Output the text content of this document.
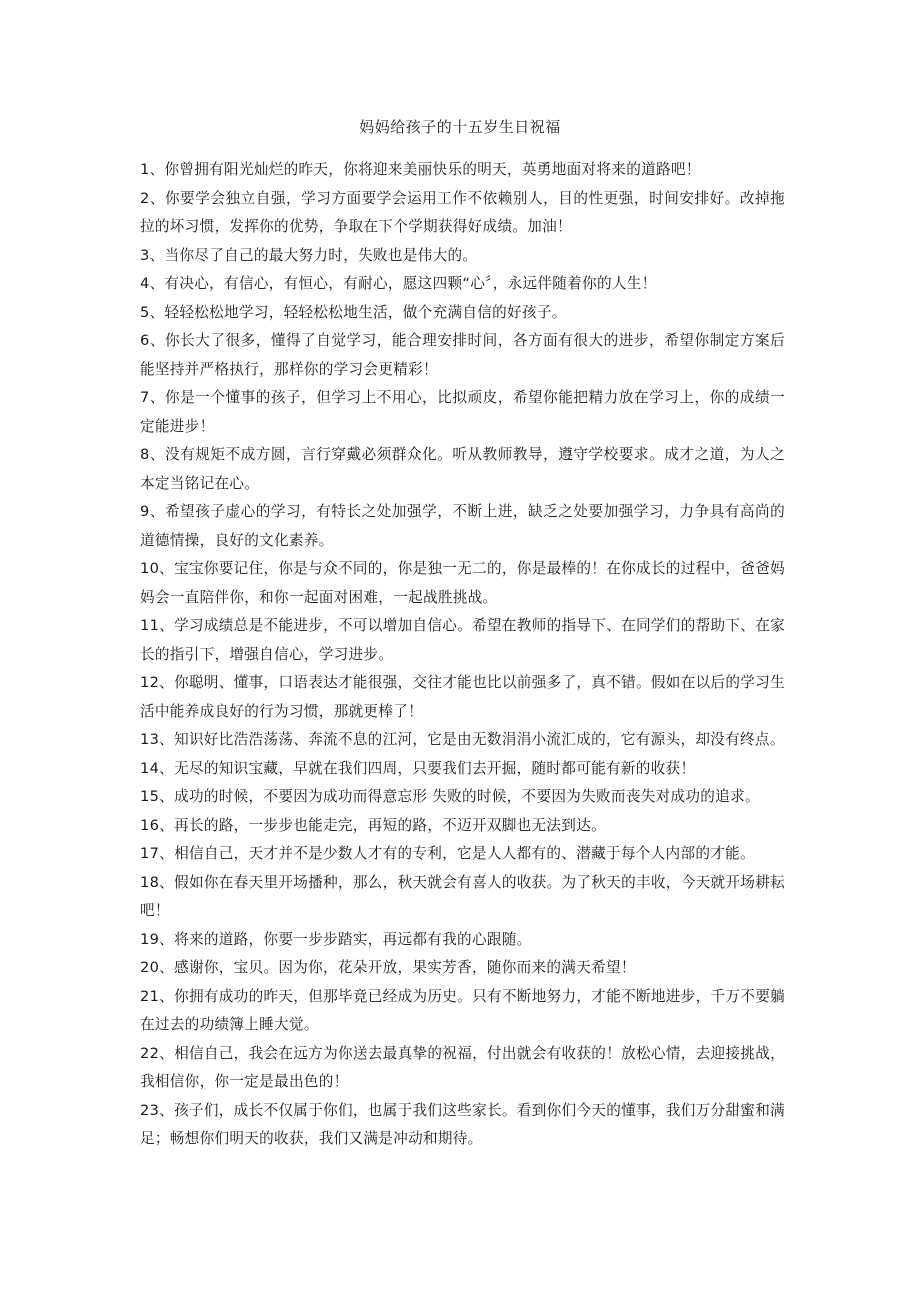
妈妈给孩子的十五岁生日祝福

1、你曾拥有阳光灿烂的昨天，你将迎来美丽快乐的明天，英勇地面对将来的道路吧！

2、你要学会独立自强，学习方面要学会运用工作不依赖别人，目的性更强，时间安排好。改掉拖拉的坏习惯，发挥你的优势，争取在下个学期获得好成绩。加油！

3、当你尽了自己的最大努力时，失败也是伟大的。

4、有决心，有信心，有恒心，有耐心，愿这四颗“心〞，永远伴随着你的人生！

5、轻轻松松地学习，轻轻松松地生活，做个充满自信的好孩子。

6、你长大了很多，懂得了自觉学习，能合理安排时间，各方面有很大的进步，希望你制定方案后能坚持并严格执行，那样你的学习会更精彩！

7、你是一个懂事的孩子，但学习上不用心，比拟顽皮，希望你能把精力放在学习上，你的成绩一定能进步！

8、没有规矩不成方圆，言行穿戴必须群众化。听从教师教导，遵守学校要求。成才之道，为人之本定当铭记在心。

9、希望孩子虚心的学习，有特长之处加强学，不断上进，缺乏之处要加强学习，力争具有高尚的道德情操，良好的文化素养。

10、宝宝你要记住，你是与众不同的，你是独一无二的，你是最棒的！在你成长的过程中，爸爸妈妈会一直陪伴你，和你一起面对困难，一起战胜挑战。

11、学习成绩总是不能进步，不可以增加自信心。希望在教师的指导下、在同学们的帮助下、在家长的指引下，增强自信心，学习进步。

12、你聪明、懂事，口语表达才能很强，交往才能也比以前强多了，真不错。假如在以后的学习生活中能养成良好的行为习惯，那就更棒了！

13、知识好比浩浩荡荡、奔流不息的江河，它是由无数涓涓小流汇成的，它有源头，却没有终点。

14、无尽的知识宝藏，早就在我们四周，只要我们去开掘，随时都可能有新的收获！

15、成功的时候，不要因为成功而得意忘形 失败的时候，不要因为失败而丧失对成功的追求。

16、再长的路，一步步也能走完，再短的路，不迈开双脚也无法到达。

17、相信自己，天才并不是少数人才有的专利，它是人人都有的、潜藏于每个人内部的才能。

18、假如你在春天里开场播种，那么，秋天就会有喜人的收获。为了秋天的丰收，今天就开场耕耘吧！

19、将来的道路，你要一步步踏实，再远都有我的心跟随。

20、感谢你，宝贝。因为你，花朵开放，果实芳香，随你而来的满天希望！

21、你拥有成功的昨天，但那毕竟已经成为历史。只有不断地努力，才能不断地进步，千万不要躺在过去的功绩簿上睡大觉。

22、相信自己，我会在远方为你送去最真挚的祝福，付出就会有收获的！放松心情，去迎接挑战，我相信你，你一定是最出色的！

23、孩子们，成长不仅属于你们，也属于我们这些家长。看到你们今天的懂事，我们万分甜蜜和满足；畅想你们明天的收获，我们又满是冲动和期待。
